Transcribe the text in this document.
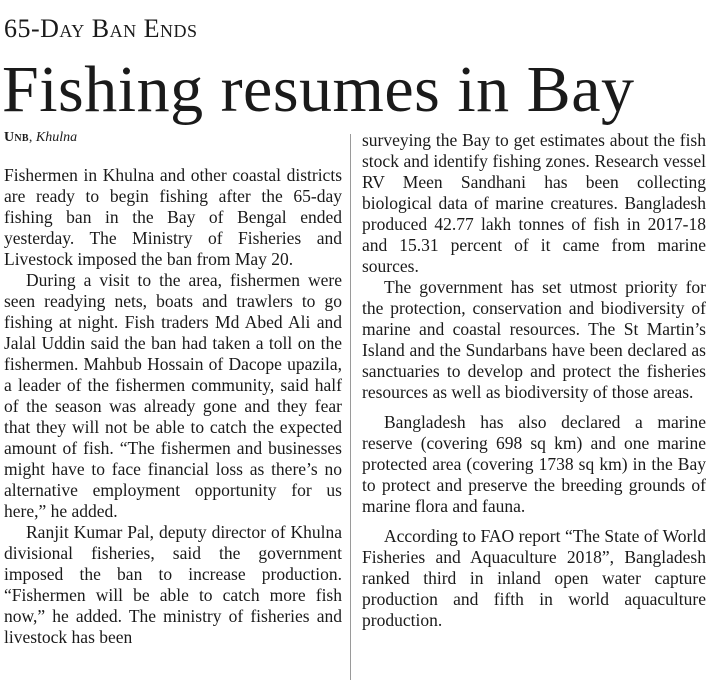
65-Day Ban Ends
Fishing resumes in Bay
Unb, Khulna

Fishermen in Khulna and other coastal districts are ready to begin fishing after the 65-day fishing ban in the Bay of Bengal ended yesterday. The Ministry of Fisheries and Livestock imposed the ban from May 20.

During a visit to the area, fishermen were seen readying nets, boats and trawlers to go fishing at night. Fish traders Md Abed Ali and Jalal Uddin said the ban had taken a toll on the fishermen. Mahbub Hossain of Dacope upazila, a leader of the fishermen community, said half of the season was already gone and they fear that they will not be able to catch the expected amount of fish. “The fishermen and businesses might have to face financial loss as there’s no alternative employment opportunity for us here,” he added.

Ranjit Kumar Pal, deputy director of Khulna divisional fisheries, said the government imposed the ban to increase production. “Fishermen will be able to catch more fish now,” he added. The ministry of fisheries and livestock has been

surveying the Bay to get estimates about the fish stock and identify fishing zones. Research vessel RV Meen Sandhani has been collecting biological data of marine creatures. Bangladesh produced 42.77 lakh tonnes of fish in 2017-18 and 15.31 percent of it came from marine sources.

The government has set utmost priority for the protection, conservation and biodiversity of marine and coastal resources. The St Martin’s Island and the Sundarbans have been declared as sanctuaries to develop and protect the fisheries resources as well as biodiversity of those areas.

Bangladesh has also declared a marine reserve (covering 698 sq km) and one marine protected area (covering 1738 sq km) in the Bay to protect and preserve the breeding grounds of marine flora and fauna.

According to FAO report “The State of World Fisheries and Aquaculture 2018”, Bangladesh ranked third in inland open water capture production and fifth in world aquaculture production.
